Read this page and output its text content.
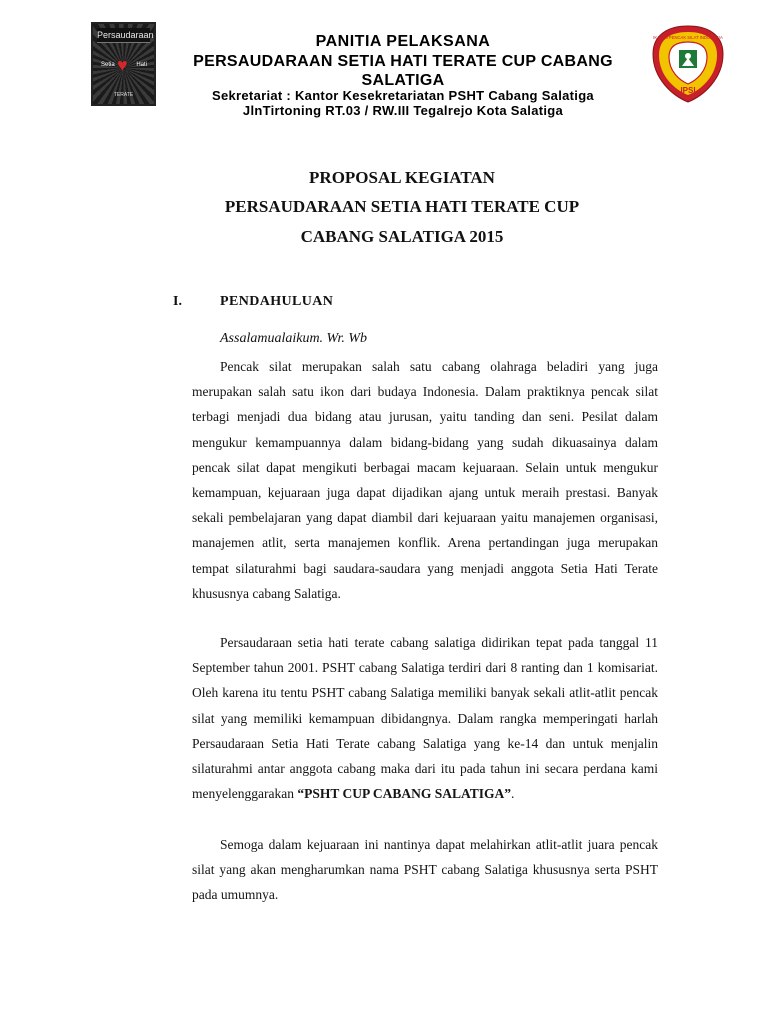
Persaudaraan
Setia ♥ Hati
TERATE
IKATAN PENCAK SILAT INDONESIA
IPSI
PANITIA PELAKSANA
PERSAUDARAAN SETIA HATI TERATE CUP CABANG SALATIGA
Sekretariat : Kantor Kesekretariatan PSHT Cabang Salatiga
JlnTirtoning RT.03 / RW.III Tegalrejo Kota Salatiga
PROPOSAL KEGIATAN
PERSAUDARAAN SETIA HATI TERATE CUP
CABANG SALATIGA 2015
I.	PENDAHULUAN
Assalamualaikum. Wr. Wb

Pencak silat merupakan salah satu cabang olahraga beladiri yang juga merupakan salah satu ikon dari budaya Indonesia. Dalam praktiknya pencak silat terbagi menjadi dua bidang atau jurusan, yaitu tanding dan seni. Pesilat dalam mengukur kemampuannya dalam bidang-bidang yang sudah dikuasainya dalam pencak silat dapat mengikuti berbagai macam kejuaraan. Selain untuk mengukur kemampuan, kejuaraan juga dapat dijadikan ajang untuk meraih prestasi. Banyak sekali pembelajaran yang dapat diambil dari kejuaraan yaitu manajemen organisasi, manajemen atlit, serta manajemen konflik. Arena pertandingan juga merupakan tempat silaturahmi bagi saudara-saudara yang menjadi anggota Setia Hati Terate khususnya cabang Salatiga.

Persaudaraan setia hati terate cabang salatiga didirikan tepat pada tanggal 11 September tahun 2001. PSHT cabang Salatiga terdiri dari 8 ranting dan 1 komisariat. Oleh karena itu tentu PSHT cabang Salatiga memiliki banyak sekali atlit-atlit pencak silat yang memiliki kemampuan dibidangnya. Dalam rangka memperingati harlah Persaudaraan Setia Hati Terate cabang Salatiga yang ke-14 dan untuk menjalin silaturahmi antar anggota cabang maka dari itu pada tahun ini secara perdana kami menyelenggarakan “PSHT CUP CABANG SALATIGA”.

Semoga dalam kejuaraan ini nantinya dapat melahirkan atlit-atlit juara pencak silat yang akan mengharumkan nama PSHT cabang Salatiga khususnya serta PSHT pada umumnya.
